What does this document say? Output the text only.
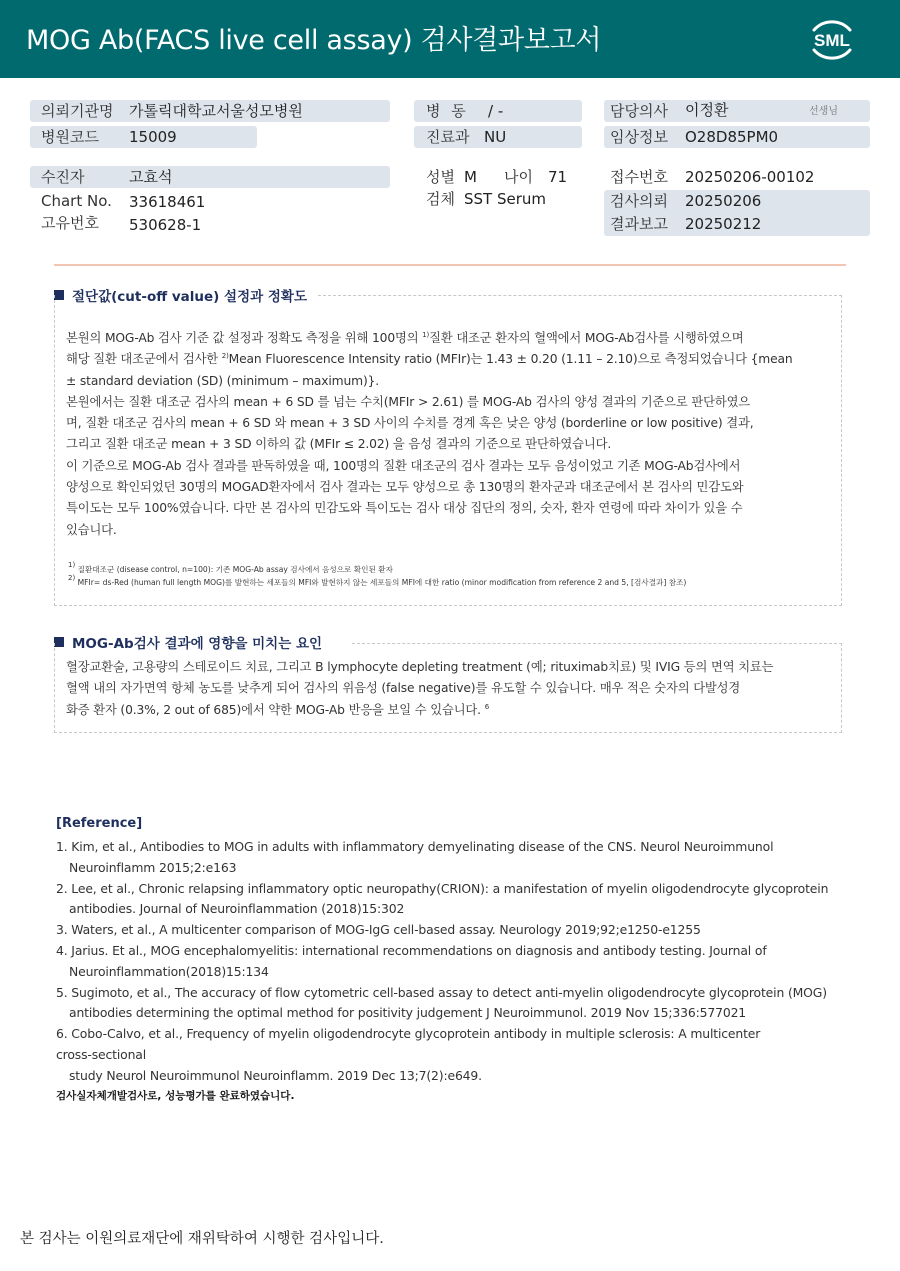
MOG Ab(FACS live cell assay) 검사결과보고서	SML
의뢰기관명 가톨릭대학교서울성모병원
병원코드 15009
수진자	고효석
Chart No. 33618461
고유번호 530628-1
병 동 / -
진료과 NU
성별 M 나이 71
검체 SST Serum
담당의사 이정환	선생님
임상정보 O28D85PM0
접수번호 20250206-00102
검사의뢰 20250206
결과보고 20250212
절단값(cut-off value) 설정과 정확도
본원의 MOG-Ab 검사 기준 값 설정과 정확도 측정을 위해 100명의 $^{1)}$질환 대조군 환자의 혈액에서 MOG-Ab검사를 시행하였으며
해당 질환 대조군에서 검사한 $^{2)}$Mean Fluorescence Intensity ratio (MFIr)는 1.43 ± 0.20 (1.11 – 2.10)으로 측정되었습니다 {mean
± standard deviation (SD) (minimum – maximum)}.
본원에서는 질환 대조군 검사의 mean + 6 SD 를 넘는 수치(MFIr > 2.61) 를 MOG-Ab 검사의 양성 결과의 기준으로 판단하였으
며, 질환 대조군 검사의 mean + 6 SD 와 mean + 3 SD 사이의 수치를 경계 혹은 낮은 양성 (borderline or low positive) 결과,
그리고 질환 대조군 mean + 3 SD 이하의 값 (MFIr ≤ 2.02) 을 음성 결과의 기준으로 판단하였습니다.
이 기준으로 MOG-Ab 검사 결과를 판독하였을 때, 100명의 질환 대조군의 검사 결과는 모두 음성이었고 기존 MOG-Ab검사에서
양성으로 확인되었던 30명의 MOGAD환자에서 검사 결과는 모두 양성으로 총 130명의 환자군과 대조군에서 본 검사의 민감도와
특이도는 모두 100%였습니다. 다만 본 검사의 민감도와 특이도는 검사 대상 집단의 정의, 숫자, 환자 연령에 따라 차이가 있을 수
있습니다.
$^{1)}$ 질환대조군 (disease control, n=100): 기존 MOG-Ab assay 검사에서 음성으로 확인된 환자
$^{2)}$ MFIr= ds-Red (human full length MOG)를 발현하는 세포들의 MFI와 발현하지 않는 세포들의 MFI에 대한 ratio (minor modification from reference 2 and 5, [검사결과] 참조)
MOG-Ab검사 결과에 영향을 미치는 요인
혈장교환술, 고용량의 스테로이드 치료, 그리고 B lymphocyte depleting treatment (예; rituximab치료) 및 IVIG 등의 면역 치료는
혈액 내의 자가면역 항체 농도를 낮추게 되어 검사의 위음성 (false negative)를 유도할 수 있습니다. 매우 적은 숫자의 다발성경
화증 환자 (0.3%, 2 out of 685)에서 약한 MOG-Ab 반응을 보일 수 있습니다. $^6$
[Reference]
1. Kim, et al., Antibodies to MOG in adults with inflammatory demyelinating disease of the CNS. Neurol Neuroimmunol
Neuroinflamm 2015;2:e163
2. Lee, et al., Chronic relapsing inflammatory optic neuropathy(CRION): a manifestation of myelin oligodendrocyte glycoprotein
antibodies. Journal of Neuroinflammation (2018)15:302
3. Waters, et al., A multicenter comparison of MOG-IgG cell-based assay. Neurology 2019;92;e1250-e1255
4. Jarius. Et al., MOG encephalomyelitis: international recommendations on diagnosis and antibody testing. Journal of
Neuroinflammation(2018)15:134
5. Sugimoto, et al., The accuracy of flow cytometric cell-based assay to detect anti-myelin oligodendrocyte glycoprotein (MOG)
antibodies determining the optimal method for positivity judgement J Neuroimmunol. 2019 Nov 15;336:577021
6. Cobo-Calvo, et al., Frequency of myelin oligodendrocyte glycoprotein antibody in multiple sclerosis: A multicenter
cross-sectional
study Neurol Neuroimmunol Neuroinflamm. 2019 Dec 13;7(2):e649.
검사실자체개발검사로, 성능평가를 완료하였습니다.
본 검사는 이원의료재단에 재위탁하여 시행한 검사입니다.
